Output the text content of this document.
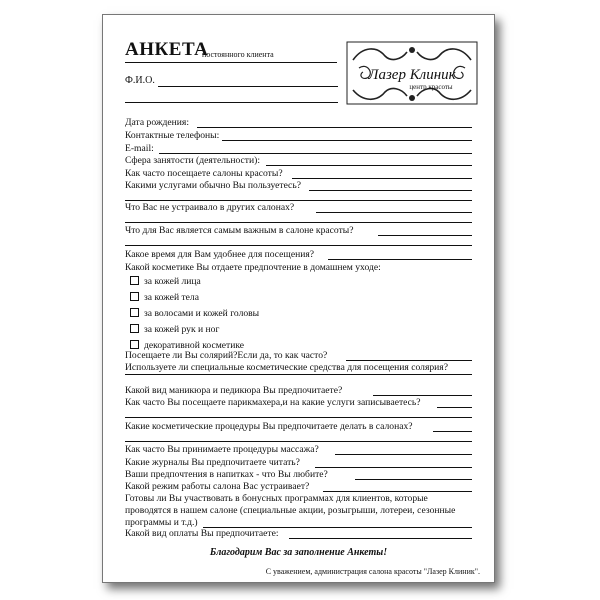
АНКЕТА
постоянного клиента
Лазер Клиник
центр красоты
Ф.И.О.
Дата рождения:
Контактные телефоны:
E-mail:
Сфера занятости (деятельности):
Как часто посещаете салоны красоты?
Какими услугами обычно Вы пользуетесь?
Что Вас не устраивало в других салонах?
Что для Вас является самым важным в салоне красоты?
Какое время для Вам удобнее для посещения?
Какой косметике Вы отдаете предпочтение в домашнем уходе:
за кожей лица
за кожей тела
за волосами и кожей головы
за кожей рук и ног
декоративной косметике
Посещаете ли Вы солярий?Если да, то как часто?
Используете ли специальные косметические средства для посещения солярия?
Какой вид маникюра и педикюра Вы предпочитаете?
Как часто Вы посещаете парикмахера,и на какие услуги записываетесь?
Какие косметические процедуры Вы предпочитаете делать в салонах?
Как часто Вы принимаете процедуры массажа?
Какие журналы Вы предпочитаете читать?
Ваши предпочтения в напитках - что Вы любите?
Какой режим работы салона Вас устраивает?
Готовы ли Вы участвовать в бонусных программах для клиентов, которые
проводятся в нашем салоне (специальные акции, розыгрыши, лотереи, сезонные
программы и т.д.)
Какой вид оплаты Вы предпочитаете:
Благодарим Вас за заполнение Анкеты!
С уважением, администрация салона красоты "Лазер Клиник".
